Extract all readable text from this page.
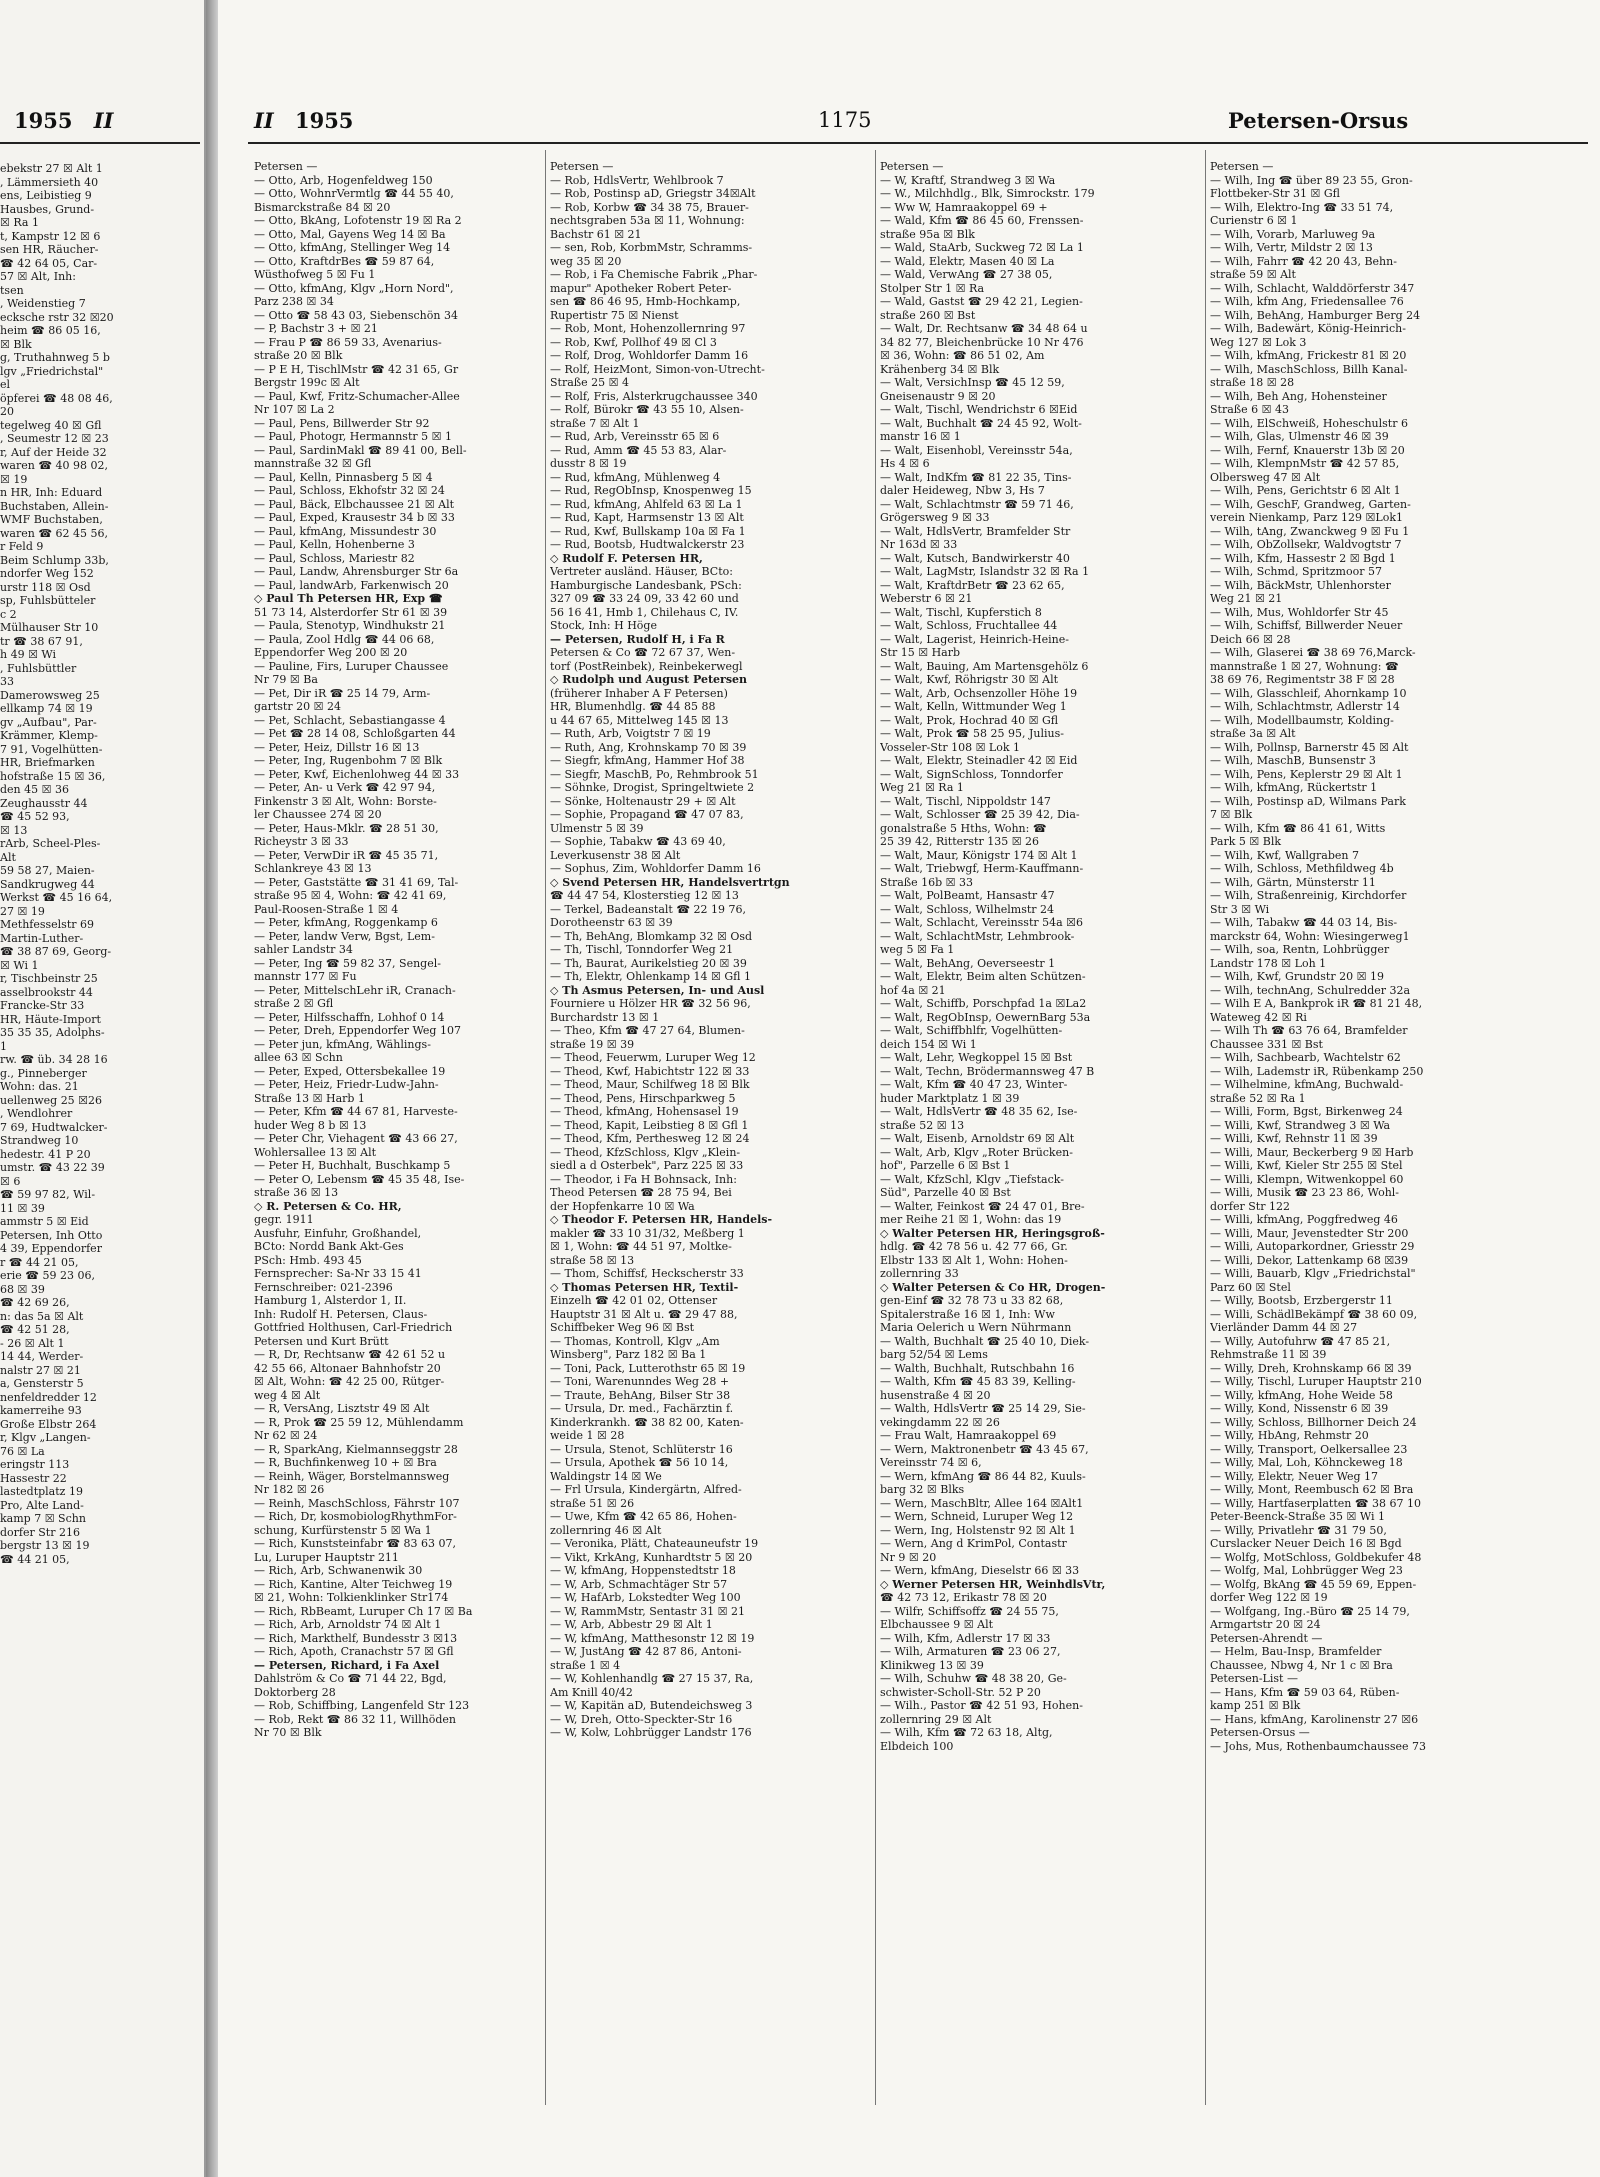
1955 II
ebekstr 27 ☒ Alt 1
, Lämmersieth 40
ens, Leibistieg 9
Hausbes, Grund-
☒ Ra 1
t, Kampstr 12 ☒ 6
sen HR, Räucher-
☎ 42 64 05, Car-
57 ☒ Alt, Inh:
tsen
, Weidenstieg 7
ecksche rstr 32 ☒20
heim ☎ 86 05 16,
☒ Blk
g, Truthahnweg 5 b
lgv „Friedrichstal"
el
öpferei ☎ 48 08 46,
20
tegelweg 40 ☒ Gfl
, Seumestr 12 ☒ 23
r, Auf der Heide 32
waren ☎ 40 98 02,
☒ 19
n HR, Inh: Eduard
Buchstaben, Allein-
WMF Buchstaben,
waren ☎ 62 45 56,
r Feld 9
Beim Schlump 33b,
ndorfer Weg 152
urstr 118 ☒ Osd
sp, Fuhlsbütteler
c 2
Mülhauser Str 10
tr ☎ 38 67 91,
h 49 ☒ Wi
, Fuhlsbüttler
33
Damerowsweg 25
ellkamp 74 ☒ 19
gv „Aufbau", Par-
Krämmer, Klemp-
7 91, Vogelhütten-
HR, Briefmarken
hofstraße 15 ☒ 36,
den 45 ☒ 36
Zeughausstr 44
☎ 45 52 93,
☒ 13
rArb, Scheel-Ples-
Alt
59 58 27, Maien-
Sandkrugweg 44
Werkst ☎ 45 16 64,
27 ☒ 19
Methfesselstr 69
Martin-Luther-
☎ 38 87 69, Georg-
☒ Wi 1
r, Tischbeinstr 25
asselbrookstr 44
Francke-Str 33
HR, Häute-Import
35 35 35, Adolphs-
1
rw. ☎ üb. 34 28 16
g., Pinneberger
Wohn: das. 21
uellenweg 25 ☒26
, Wendlohrer
7 69, Hudtwalcker-
Strandweg 10
hedestr. 41 P 20
umstr. ☎ 43 22 39
☒ 6
☎ 59 97 82, Wil-
11 ☒ 39
ammstr 5 ☒ Eid
Petersen, Inh Otto
4 39, Eppendorfer
r ☎ 44 21 05,
erie ☎ 59 23 06,
68 ☒ 39
☎ 42 69 26,
n: das 5a ☒ Alt
☎ 42 51 28,
- 26 ☒ Alt 1
14 44, Werder-
nalstr 27 ☒ 21
a, Gensterstr 5
nenfeldredder 12
kamerreihe 93
Große Elbstr 264
r, Klgv „Langen-
76 ☒ La
eringstr 113
Hassestr 22
lastedtplatz 19
Pro, Alte Land-
kamp 7 ☒ Schn
dorfer Str 216
bergstr 13 ☒ 19
☎ 44 21 05,
II 1955	1175	Petersen-Orsus
Petersen —
— Otto, Arb, Hogenfeldweg 150
— Otto, WohnrVermtlg ☎ 44 55 40,
Bismarckstraße 84 ☒ 20
— Otto, BkAng, Lofotenstr 19 ☒ Ra 2
— Otto, Mal, Gayens Weg 14 ☒ Ba
— Otto, kfmAng, Stellinger Weg 14
— Otto, KraftdrBes ☎ 59 87 64,
Wüsthofweg 5 ☒ Fu 1
— Otto, kfmAng, Klgv „Horn Nord",
Parz 238 ☒ 34
— Otto ☎ 58 43 03, Siebenschön 34
— P, Bachstr 3 + ☒ 21
— Frau P ☎ 86 59 33, Avenarius-
straße 20 ☒ Blk
— P E H, TischlMstr ☎ 42 31 65, Gr
Bergstr 199c ☒ Alt
— Paul, Kwf, Fritz-Schumacher-Allee
Nr 107 ☒ La 2
— Paul, Pens, Billwerder Str 92
— Paul, Photogr, Hermannstr 5 ☒ 1
— Paul, SardinMakl ☎ 89 41 00, Bell-
mannstraße 32 ☒ Gfl
— Paul, Kelln, Pinnasberg 5 ☒ 4
— Paul, Schloss, Ekhofstr 32 ☒ 24
— Paul, Bäck, Elbchaussee 21 ☒ Alt
— Paul, Exped, Krausestr 34 b ☒ 33
— Paul, kfmAng, Missundestr 30
— Paul, Kelln, Hohenberne 3
— Paul, Schloss, Mariestr 82
— Paul, Landw, Ahrensburger Str 6a
— Paul, landwArb, Farkenwisch 20
◇ Paul Th Petersen HR, Exp ☎
51 73 14, Alsterdorfer Str 61 ☒ 39
— Paula, Stenotyp, Windhukstr 21
— Paula, Zool Hdlg ☎ 44 06 68,
Eppendorfer Weg 200 ☒ 20
— Pauline, Firs, Luruper Chaussee
Nr 79 ☒ Ba
— Pet, Dir iR ☎ 25 14 79, Arm-
gartstr 20 ☒ 24
— Pet, Schlacht, Sebastiangasse 4
— Pet ☎ 28 14 08, Schloßgarten 44
— Peter, Heiz, Dillstr 16 ☒ 13
— Peter, Ing, Rugenbohm 7 ☒ Blk
— Peter, Kwf, Eichenlohweg 44 ☒ 33
— Peter, An- u Verk ☎ 42 97 94,
Finkenstr 3 ☒ Alt, Wohn: Borste-
ler Chaussee 274 ☒ 20
— Peter, Haus-Mklr. ☎ 28 51 30,
Richeystr 3 ☒ 33
— Peter, VerwDir iR ☎ 45 35 71,
Schlankreye 43 ☒ 13
— Peter, Gaststätte ☎ 31 41 69, Tal-
straße 95 ☒ 4, Wohn: ☎ 42 41 69,
Paul-Roosen-Straße 1 ☒ 4
— Peter, kfmAng, Roggenkamp 6
— Peter, landw Verw, Bgst, Lem-
sahler Landstr 34
— Peter, Ing ☎ 59 82 37, Sengel-
mannstr 177 ☒ Fu
— Peter, MittelschLehr iR, Cranach-
straße 2 ☒ Gfl
— Peter, Hilfsschaffn, Lohhof 0 14
— Peter, Dreh, Eppendorfer Weg 107
— Peter jun, kfmAng, Wählings-
allee 63 ☒ Schn
— Peter, Exped, Ottersbekallee 19
— Peter, Heiz, Friedr-Ludw-Jahn-
Straße 13 ☒ Harb 1
— Peter, Kfm ☎ 44 67 81, Harveste-
huder Weg 8 b ☒ 13
— Peter Chr, Viehagent ☎ 43 66 27,
Wohlersallee 13 ☒ Alt
— Peter H, Buchhalt, Buschkamp 5
— Peter O, Lebensm ☎ 45 35 48, Ise-
straße 36 ☒ 13
◇ R. Petersen & Co. HR,
gegr. 1911
Ausfuhr, Einfuhr, Großhandel,
BCto: Nordd Bank Akt-Ges
PSch: Hmb. 493 45
Fernsprecher: Sa-Nr 33 15 41
Fernschreiber: 021-2396
Hamburg 1, Alsterdor 1, II.
Inh: Rudolf H. Petersen, Claus-
Gottfried Holthusen, Carl-Friedrich
Petersen und Kurt Brütt
— R, Dr, Rechtsanw ☎ 42 61 52 u
42 55 66, Altonaer Bahnhofstr 20
☒ Alt, Wohn: ☎ 42 25 00, Rütger-
weg 4 ☒ Alt
— R, VersAng, Lisztstr 49 ☒ Alt
— R, Prok ☎ 25 59 12, Mühlendamm
Nr 62 ☒ 24
— R, SparkAng, Kielmannseggstr 28
— R, Buchfinkenweg 10 + ☒ Bra
— Reinh, Wäger, Borstelmannsweg
Nr 182 ☒ 26
— Reinh, MaschSchloss, Fährstr 107
— Rich, Dr, kosmobiologRhythmFor-
schung, Kurfürstenstr 5 ☒ Wa 1
— Rich, Kunststeinfabr ☎ 83 63 07,
Lu, Luruper Hauptstr 211
— Rich, Arb, Schwanenwik 30
— Rich, Kantine, Alter Teichweg 19
☒ 21, Wohn: Tolkienklinker Str174
— Rich, RbBeamt, Luruper Ch 17 ☒ Ba
— Rich, Arb, Arnoldstr 74 ☒ Alt 1
— Rich, Markthelf, Bundesstr 3 ☒13
— Rich, Apoth, Cranachstr 57 ☒ Gfl
— Petersen, Richard, i Fa Axel
Dahlström & Co ☎ 71 44 22, Bgd,
Doktorberg 28
— Rob, Schiffbing, Langenfeld Str 123
— Rob, Rekt ☎ 86 32 11, Willhöden
Nr 70 ☒ Blk
Petersen —
— Rob, HdlsVertr, Wehlbrook 7
— Rob, Postinsp aD, Griegstr 34☒Alt
— Rob, Korbw ☎ 34 38 75, Brauer-
nechtsgraben 53a ☒ 11, Wohnung:
Bachstr 61 ☒ 21
— sen, Rob, KorbmMstr, Schramms-
weg 35 ☒ 20
— Rob, i Fa Chemische Fabrik „Phar-
mapur" Apotheker Robert Peter-
sen ☎ 86 46 95, Hmb-Hochkamp,
Rupertistr 75 ☒ Nienst
— Rob, Mont, Hohenzollernring 97
— Rob, Kwf, Pollhof 49 ☒ Cl 3
— Rolf, Drog, Wohldorfer Damm 16
— Rolf, HeizMont, Simon-von-Utrecht-
Straße 25 ☒ 4
— Rolf, Fris, Alsterkrugchaussee 340
— Rolf, Bürokr ☎ 43 55 10, Alsen-
straße 7 ☒ Alt 1
— Rud, Arb, Vereinsstr 65 ☒ 6
— Rud, Amm ☎ 45 53 83, Alar-
dusstr 8 ☒ 19
— Rud, kfmAng, Mühlenweg 4
— Rud, RegObInsp, Knospenweg 15
— Rud, kfmAng, Ahlfeld 63 ☒ La 1
— Rud, Kapt, Harmsenstr 13 ☒ Alt
— Rud, Kwf, Bullskamp 10a ☒ Fa 1
— Rud, Bootsb, Hudtwalckerstr 23
◇ Rudolf F. Petersen HR,
Vertreter ausländ. Häuser, BCto:
Hamburgische Landesbank, PSch:
327 09 ☎ 33 24 09, 33 42 60 und
56 16 41, Hmb 1, Chilehaus C, IV.
Stock, Inh: H Höge
— Petersen, Rudolf H, i Fa R
Petersen & Co ☎ 72 67 37, Wen-
torf (PostReinbek), Reinbekerwegl
◇ Rudolph und August Petersen
(früherer Inhaber A F Petersen)
HR, Blumenhdlg. ☎ 44 85 88
u 44 67 65, Mittelweg 145 ☒ 13
— Ruth, Arb, Voigtstr 7 ☒ 19
— Ruth, Ang, Krohnskamp 70 ☒ 39
— Siegfr, kfmAng, Hammer Hof 38
— Siegfr, MaschB, Po, Rehmbrook 51
— Söhnke, Drogist, Springeltwiete 2
— Sönke, Holtenaustr 29 + ☒ Alt
— Sophie, Propagand ☎ 47 07 83,
Ulmenstr 5 ☒ 39
— Sophie, Tabakw ☎ 43 69 40,
Leverkusenstr 38 ☒ Alt
— Sophus, Zim, Wohldorfer Damm 16
◇ Svend Petersen HR, Handelsvertrtgn
☎ 44 47 54, Klosterstieg 12 ☒ 13
— Terkel, Badeanstalt ☎ 22 19 76,
Dorotheenstr 63 ☒ 39
— Th, BehAng, Blomkamp 32 ☒ Osd
— Th, Tischl, Tonndorfer Weg 21
— Th, Baurat, Aurikelstieg 20 ☒ 39
— Th, Elektr, Ohlenkamp 14 ☒ Gfl 1
◇ Th Asmus Petersen, In- und Ausl
Fourniere u Hölzer HR ☎ 32 56 96,
Burchardstr 13 ☒ 1
— Theo, Kfm ☎ 47 27 64, Blumen-
straße 19 ☒ 39
— Theod, Feuerwm, Luruper Weg 12
— Theod, Kwf, Habichtstr 122 ☒ 33
— Theod, Maur, Schilfweg 18 ☒ Blk
— Theod, Pens, Hirschparkweg 5
— Theod, kfmAng, Hohensasel 19
— Theod, Kapit, Leibstieg 8 ☒ Gfl 1
— Theod, Kfm, Perthesweg 12 ☒ 24
— Theod, KfzSchloss, Klgv „Klein-
siedl a d Osterbek", Parz 225 ☒ 33
— Theodor, i Fa H Bohnsack, Inh:
Theod Petersen ☎ 28 75 94, Bei
der Hopfenkarre 10 ☒ Wa
◇ Theodor F. Petersen HR, Handels-
makler ☎ 33 10 31/32, Meßberg 1
☒ 1, Wohn: ☎ 44 51 97, Moltke-
straße 58 ☒ 13
— Thom, Schiffsf, Heckscherstr 33
◇ Thomas Petersen HR, Textil-
Einzelh ☎ 42 01 02, Ottenser
Hauptstr 31 ☒ Alt u. ☎ 29 47 88,
Schiffbeker Weg 96 ☒ Bst
— Thomas, Kontroll, Klgv „Am
Winsberg", Parz 182 ☒ Ba 1
— Toni, Pack, Lutterothstr 65 ☒ 19
— Toni, Warenunndes Weg 28 +
— Traute, BehAng, Bilser Str 38
— Ursula, Dr. med., Fachärztin f.
Kinderkrankh. ☎ 38 82 00, Katen-
weide 1 ☒ 28
— Ursula, Stenot, Schlüterstr 16
— Ursula, Apothek ☎ 56 10 14,
Waldingstr 14 ☒ We
— Frl Ursula, Kindergärtn, Alfred-
straße 51 ☒ 26
— Uwe, Kfm ☎ 42 65 86, Hohen-
zollernring 46 ☒ Alt
— Veronika, Plätt, Chateauneufstr 19
— Vikt, KrkAng, Kunhardtstr 5 ☒ 20
— W, kfmAng, Hoppenstedtstr 18
— W, Arb, Schmachtäger Str 57
— W, HafArb, Lokstedter Weg 100
— W, RammMstr, Sentastr 31 ☒ 21
— W, Arb, Abbestr 29 ☒ Alt 1
— W, kfmAng, Matthesonstr 12 ☒ 19
— W, JustAng ☎ 42 87 86, Antoni-
straße 1 ☒ 4
— W, Kohlenhandlg ☎ 27 15 37, Ra,
Am Knill 40/42
— W, Kapitän aD, Butendeichsweg 3
— W, Dreh, Otto-Speckter-Str 16
— W, Kolw, Lohbrügger Landstr 176
Petersen —
— W, Kraftf, Strandweg 3 ☒ Wa
— W., Milchhdlg., Blk, Simrockstr. 179
— Ww W, Hamraakoppel 69 +
— Wald, Kfm ☎ 86 45 60, Frenssen-
straße 95a ☒ Blk
— Wald, StaArb, Suckweg 72 ☒ La 1
— Wald, Elektr, Masen 40 ☒ La
— Wald, VerwAng ☎ 27 38 05,
Stolper Str 1 ☒ Ra
— Wald, Gastst ☎ 29 42 21, Legien-
straße 260 ☒ Bst
— Walt, Dr. Rechtsanw ☎ 34 48 64 u
34 82 77, Bleichenbrücke 10 Nr 476
☒ 36, Wohn: ☎ 86 51 02, Am
Krähenberg 34 ☒ Blk
— Walt, VersichInsp ☎ 45 12 59,
Gneisenaustr 9 ☒ 20
— Walt, Tischl, Wendrichstr 6 ☒Eid
— Walt, Buchhalt ☎ 24 45 92, Wolt-
manstr 16 ☒ 1
— Walt, Eisenhobl, Vereinsstr 54a,
Hs 4 ☒ 6
— Walt, IndKfm ☎ 81 22 35, Tins-
daler Heideweg, Nbw 3, Hs 7
— Walt, Schlachtmstr ☎ 59 71 46,
Grögersweg 9 ☒ 33
— Walt, HdlsVertr, Bramfelder Str
Nr 163d ☒ 33
— Walt, Kutsch, Bandwirkerstr 40
— Walt, LagMstr, Islandstr 32 ☒ Ra 1
— Walt, KraftdrBetr ☎ 23 62 65,
Weberstr 6 ☒ 21
— Walt, Tischl, Kupferstich 8
— Walt, Schloss, Fruchtallee 44
— Walt, Lagerist, Heinrich-Heine-
Str 15 ☒ Harb
— Walt, Bauing, Am Martensgehölz 6
— Walt, Kwf, Röhrigstr 30 ☒ Alt
— Walt, Arb, Ochsenzoller Höhe 19
— Walt, Kelln, Wittmunder Weg 1
— Walt, Prok, Hochrad 40 ☒ Gfl
— Walt, Prok ☎ 58 25 95, Julius-
Vosseler-Str 108 ☒ Lok 1
— Walt, Elektr, Steinadler 42 ☒ Eid
— Walt, SignSchloss, Tonndorfer
Weg 21 ☒ Ra 1
— Walt, Tischl, Nippoldstr 147
— Walt, Schlosser ☎ 25 39 42, Dia-
gonalstraße 5 Hths, Wohn: ☎
25 39 42, Ritterstr 135 ☒ 26
— Walt, Maur, Königstr 174 ☒ Alt 1
— Walt, Triebwgf, Herm-Kauffmann-
Straße 16b ☒ 33
— Walt, PolBeamt, Hansastr 47
— Walt, Schloss, Wilhelmstr 24
— Walt, Schlacht, Vereinsstr 54a ☒6
— Walt, SchlachtMstr, Lehmbrook-
weg 5 ☒ Fa 1
— Walt, BehAng, Oeverseestr 1
— Walt, Elektr, Beim alten Schützen-
hof 4a ☒ 21
— Walt, Schiffb, Porschpfad 1a ☒La2
— Walt, RegObInsp, OewernBarg 53a
— Walt, Schiffbhlfr, Vogelhütten-
deich 154 ☒ Wi 1
— Walt, Lehr, Wegkoppel 15 ☒ Bst
— Walt, Techn, Brödermannsweg 47 B
— Walt, Kfm ☎ 40 47 23, Winter-
huder Marktplatz 1 ☒ 39
— Walt, HdlsVertr ☎ 48 35 62, Ise-
straße 52 ☒ 13
— Walt, Eisenb, Arnoldstr 69 ☒ Alt
— Walt, Arb, Klgv „Roter Brücken-
hof", Parzelle 6 ☒ Bst 1
— Walt, KfzSchl, Klgv „Tiefstack-
Süd", Parzelle 40 ☒ Bst
— Walter, Feinkost ☎ 24 47 01, Bre-
mer Reihe 21 ☒ 1, Wohn: das 19
◇ Walter Petersen HR, Heringsgroß-
hdlg. ☎ 42 78 56 u. 42 77 66, Gr.
Elbstr 133 ☒ Alt 1, Wohn: Hohen-
zollernring 33
◇ Walter Petersen & Co HR, Drogen-
gen-Einf ☎ 32 78 73 u 33 82 68,
Spitalerstraße 16 ☒ 1, Inh: Ww
Maria Oelerich u Wern Nührmann
— Walth, Buchhalt ☎ 25 40 10, Diek-
barg 52/54 ☒ Lems
— Walth, Buchhalt, Rutschbahn 16
— Walth, Kfm ☎ 45 83 39, Kelling-
husenstraße 4 ☒ 20
— Walth, HdlsVertr ☎ 25 14 29, Sie-
vekingdamm 22 ☒ 26
— Frau Walt, Hamraakoppel 69
— Wern, Maktronenbetr ☎ 43 45 67,
Vereinsstr 74 ☒ 6,
— Wern, kfmAng ☎ 86 44 82, Kuuls-
barg 32 ☒ Blks
— Wern, MaschBltr, Allee 164 ☒Alt1
— Wern, Schneid, Luruper Weg 12
— Wern, Ing, Holstenstr 92 ☒ Alt 1
— Wern, Ang d KrimPol, Contastr
Nr 9 ☒ 20
— Wern, kfmAng, Dieselstr 66 ☒ 33
◇ Werner Petersen HR, WeinhdlsVtr,
☎ 42 73 12, Erikastr 78 ☒ 20
— Wilfr, Schiffsoffz ☎ 24 55 75,
Elbchaussee 9 ☒ Alt
— Wilh, Kfm, Adlerstr 17 ☒ 33
— Wilh, Armaturen ☎ 23 06 27,
Klinikweg 13 ☒ 39
— Wilh, Schuhw ☎ 48 38 20, Ge-
schwister-Scholl-Str. 52 P 20
— Wilh., Pastor ☎ 42 51 93, Hohen-
zollernring 29 ☒ Alt
— Wilh, Kfm ☎ 72 63 18, Altg,
Elbdeich 100
Petersen —
— Wilh, Ing ☎ über 89 23 55, Gron-
Flottbeker-Str 31 ☒ Gfl
— Wilh, Elektro-Ing ☎ 33 51 74,
Curienstr 6 ☒ 1
— Wilh, Vorarb, Marluweg 9a
— Wilh, Vertr, Mildstr 2 ☒ 13
— Wilh, Fahrr ☎ 42 20 43, Behn-
straße 59 ☒ Alt
— Wilh, Schlacht, Walddörferstr 347
— Wilh, kfm Ang, Friedensallee 76
— Wilh, BehAng, Hamburger Berg 24
— Wilh, Badewärt, König-Heinrich-
Weg 127 ☒ Lok 3
— Wilh, kfmAng, Frickestr 81 ☒ 20
— Wilh, MaschSchloss, Billh Kanal-
straße 18 ☒ 28
— Wilh, Beh Ang, Hohensteiner
Straße 6 ☒ 43
— Wilh, ElSchweiß, Hoheschulstr 6
— Wilh, Glas, Ulmenstr 46 ☒ 39
— Wilh, Fernf, Knauerstr 13b ☒ 20
— Wilh, KlempnMstr ☎ 42 57 85,
Olbersweg 47 ☒ Alt
— Wilh, Pens, Gerichtstr 6 ☒ Alt 1
— Wilh, GeschF, Grandweg, Garten-
verein Nienkamp, Parz 129 ☒Lok1
— Wilh, tAng, Zwanckweg 9 ☒ Fu 1
— Wilh, ObZollsekr, Waldvogtstr 7
— Wilh, Kfm, Hassestr 2 ☒ Bgd 1
— Wilh, Schmd, Spritzmoor 57
— Wilh, BäckMstr, Uhlenhorster
Weg 21 ☒ 21
— Wilh, Mus, Wohldorfer Str 45
— Wilh, Schiffsf, Billwerder Neuer
Deich 66 ☒ 28
— Wilh, Glaserei ☎ 38 69 76,Marck-
mannstraße 1 ☒ 27, Wohnung: ☎
38 69 76, Regimentstr 38 F ☒ 28
— Wilh, Glasschleif, Ahornkamp 10
— Wilh, Schlachtmstr, Adlerstr 14
— Wilh, Modellbaumstr, Kolding-
straße 3a ☒ Alt
— Wilh, Pollnsp, Barnerstr 45 ☒ Alt
— Wilh, MaschB, Bunsenstr 3
— Wilh, Pens, Keplerstr 29 ☒ Alt 1
— Wilh, kfmAng, Rückertstr 1
— Wilh, Postinsp aD, Wilmans Park
7 ☒ Blk
— Wilh, Kfm ☎ 86 41 61, Witts
Park 5 ☒ Blk
— Wilh, Kwf, Wallgraben 7
— Wilh, Schloss, Methfildweg 4b
— Wilh, Gärtn, Münsterstr 11
— Wilh, Straßenreinig, Kirchdorfer
Str 3 ☒ Wi
— Wilh, Tabakw ☎ 44 03 14, Bis-
marckstr 64, Wohn: Wiesingerweg1
— Wilh, soa, Rentn, Lohbrügger
Landstr 178 ☒ Loh 1
— Wilh, Kwf, Grundstr 20 ☒ 19
— Wilh, technAng, Schulredder 32a
— Wilh E A, Bankprok iR ☎ 81 21 48,
Wateweg 42 ☒ Ri
— Wilh Th ☎ 63 76 64, Bramfelder
Chaussee 331 ☒ Bst
— Wilh, Sachbearb, Wachtelstr 62
— Wilh, Lademstr iR, Rübenkamp 250
— Wilhelmine, kfmAng, Buchwald-
straße 52 ☒ Ra 1
— Willi, Form, Bgst, Birkenweg 24
— Willi, Kwf, Strandweg 3 ☒ Wa
— Willi, Kwf, Rehnstr 11 ☒ 39
— Willi, Maur, Beckerberg 9 ☒ Harb
— Willi, Kwf, Kieler Str 255 ☒ Stel
— Willi, Klempn, Witwenkoppel 60
— Willi, Musik ☎ 23 23 86, Wohl-
dorfer Str 122
— Willi, kfmAng, Poggfredweg 46
— Willi, Maur, Jevenstedter Str 200
— Willi, Autoparkordner, Griesstr 29
— Willi, Dekor, Lattenkamp 68 ☒39
— Willi, Bauarb, Klgv „Friedrichstal"
Parz 60 ☒ Stel
— Willy, Bootsb, Erzbergerstr 11
— Willi, SchädlBekämpf ☎ 38 60 09,
Vierländer Damm 44 ☒ 27
— Willy, Autofuhrw ☎ 47 85 21,
Rehmstraße 11 ☒ 39
— Willy, Dreh, Krohnskamp 66 ☒ 39
— Willy, Tischl, Luruper Hauptstr 210
— Willy, kfmAng, Hohe Weide 58
— Willy, Kond, Nissenstr 6 ☒ 39
— Willy, Schloss, Billhorner Deich 24
— Willy, HbAng, Rehmstr 20
— Willy, Transport, Oelkersallee 23
— Willy, Mal, Loh, Köhnckeweg 18
— Willy, Elektr, Neuer Weg 17
— Willy, Mont, Reembusch 62 ☒ Bra
— Willy, Hartfaserplatten ☎ 38 67 10
Peter-Beenck-Straße 35 ☒ Wi 1
— Willy, Privatlehr ☎ 31 79 50,
Curslacker Neuer Deich 16 ☒ Bgd
— Wolfg, MotSchloss, Goldbekufer 48
— Wolfg, Mal, Lohbrügger Weg 23
— Wolfg, BkAng ☎ 45 59 69, Eppen-
dorfer Weg 122 ☒ 19
— Wolfgang, Ing.-Büro ☎ 25 14 79,
Armgartstr 20 ☒ 24
Petersen-Ahrendt —
— Helm, Bau-Insp, Bramfelder
Chaussee, Nbwg 4, Nr 1 c ☒ Bra
Petersen-List —
— Hans, Kfm ☎ 59 03 64, Rüben-
kamp 251 ☒ Blk
— Hans, kfmAng, Karolinenstr 27 ☒6
Petersen-Orsus —
— Johs, Mus, Rothenbaumchaussee 73
